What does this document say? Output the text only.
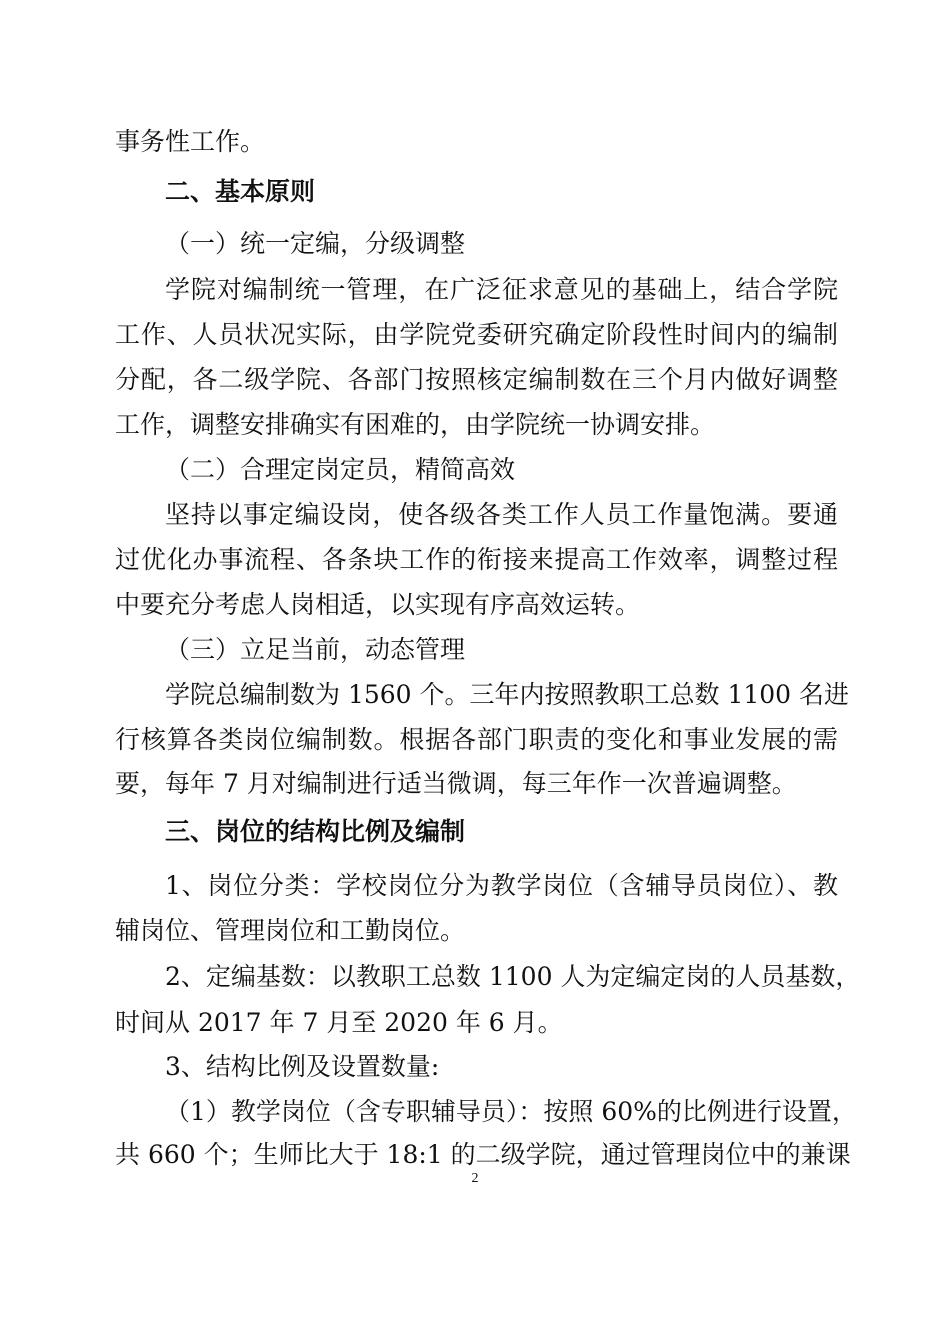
事务性工作。
二、基本原则
（一）统一定编，分级调整
学院对编制统一管理，在广泛征求意见的基础上，结合学院
工作、人员状况实际，由学院党委研究确定阶段性时间内的编制
分配，各二级学院、各部门按照核定编制数在三个月内做好调整
工作，调整安排确实有困难的，由学院统一协调安排。
（二）合理定岗定员，精简高效
坚持以事定编设岗，使各级各类工作人员工作量饱满。要通
过优化办事流程、各条块工作的衔接来提高工作效率，调整过程
中要充分考虑人岗相适，以实现有序高效运转。
（三）立足当前，动态管理
学院总编制数为 1560 个。三年内按照教职工总数 1100 名进
行核算各类岗位编制数。根据各部门职责的变化和事业发展的需
要，每年 7 月对编制进行适当微调，每三年作一次普遍调整。
三、岗位的结构比例及编制
1、岗位分类：学校岗位分为教学岗位（含辅导员岗位）、教
辅岗位、管理岗位和工勤岗位。
2、定编基数：以教职工总数 1100 人为定编定岗的人员基数，
时间从 2017 年 7 月至 2020 年 6 月。
3、结构比例及设置数量:
（1）教学岗位（含专职辅导员）：按照 60%的比例进行设置，
共 660 个；生师比大于 18:1 的二级学院，通过管理岗位中的兼课
2
